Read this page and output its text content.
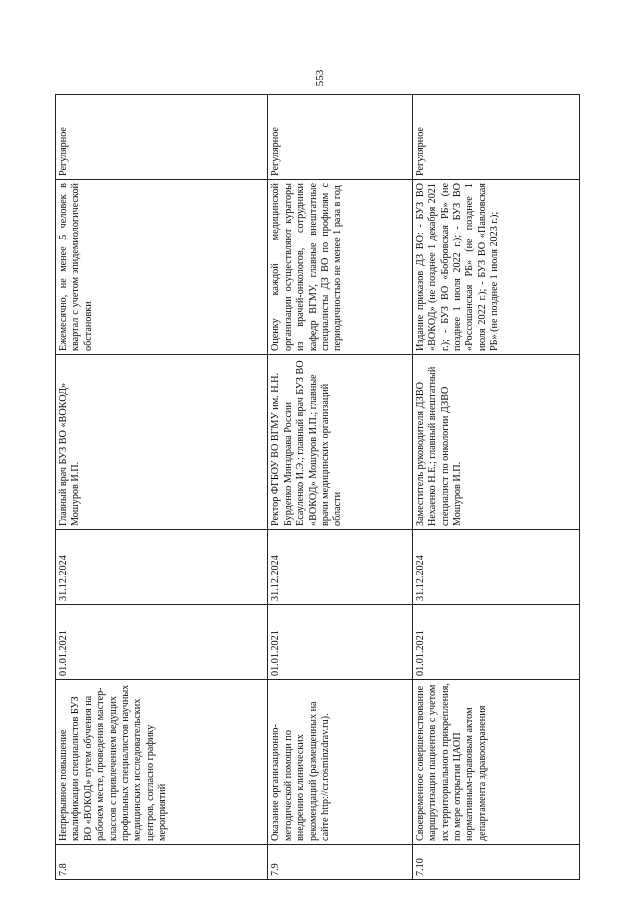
553
7.8	Непрерывное повышение квалификации специалистов БУЗ ВО «ВОКОД» путем обучения на рабочем месте, проведения мастер-классов с привлечением ведущих профильных специалистов научных медицинских исследовательских центров, согласно графику мероприятий	01.01.2021	31.12.2024	Главный врач БУЗ ВО «ВОКОД» Мошуров И.П.	Ежемесячно, не менее 5 человек в квартал с учетом эпидемиологической обстановки	Регулярное
7.9	Оказание организационно-методической помощи по внедрению клинических рекомендаций (размещенных на сайте http://cr.rosminzdrav.ru).	01.01.2021	31.12.2024	Ректор ФГБОУ ВО ВГМУ им. Н.Н. Бурденко Минздрава России Есауленко И.Э.; главный врач БУЗ ВО «ВОКОД» Мошуров И.П.; главные врачи медицинских организаций области	Оценку каждой медицинской организации осуществляют кураторы из врачей-онкологов, сотрудники кафедр ВГМУ, главные внештатные специалисты ДЗ ВО по профилям с периодичностью не менее 1 раза в год	Регулярное
7.10	Своевременное совершенствование маршрутизации пациентов с учетом их территориального прикрепления, по мере открытия ЦАОП нормативным-правовым актом департамента здравоохранения	01.01.2021	31.12.2024	Заместитель руководителя ДЗВО Нехаенко Н.Е.; главный внештатный специалист по онкологии ДЗВО Мошуров И.П.	Издание приказов ДЗ ВО: - БУЗ ВО «ВОКОД» (не позднее 1 декабря 2021 г.); - БУЗ ВО «Бобровская РБ» (не позднее 1 июля 2022 г.); - БУЗ ВО «Россошанская РБ» (не позднее 1 июля 2022 г.); - БУЗ ВО «Павловская РБ» (не позднее 1 июля 2023 г.);	Регулярное
